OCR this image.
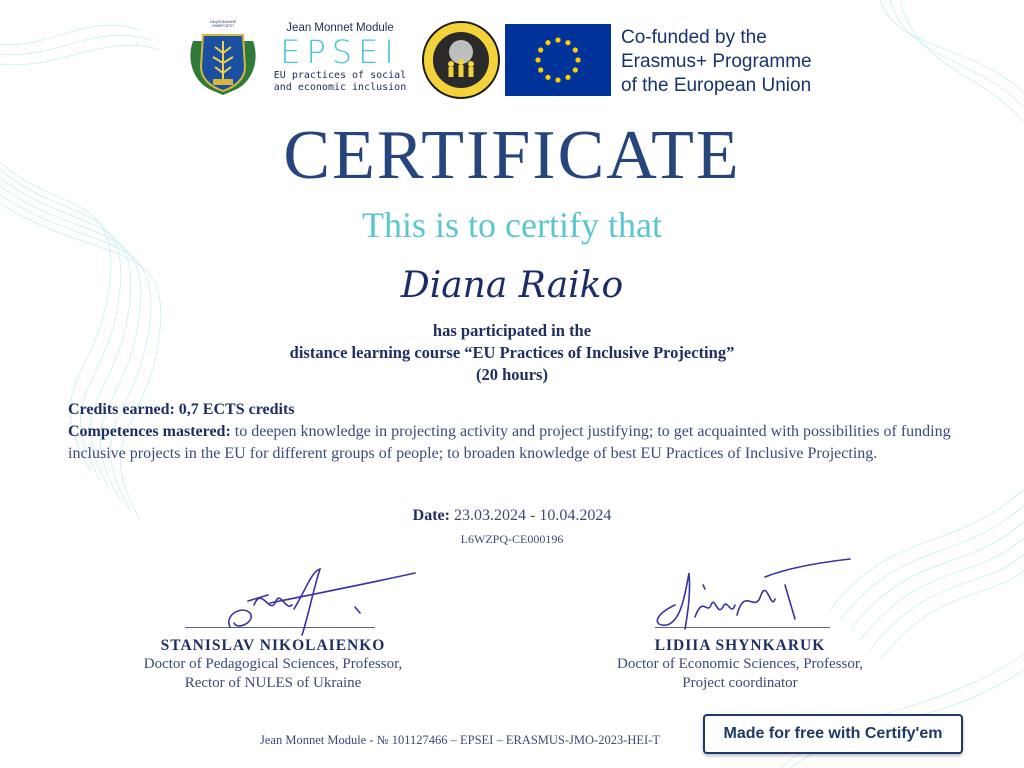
НАЦІОНАЛЬНИЙ
УНІВЕРСИТЕТ	Jean Monnet Module
EPSEI
EU practices of social
and economic inclusion
Co-funded by the
Erasmus+ Programme
of the European Union
CERTIFICATE
This is to certify that
Diana Raiko
has participated in the
distance learning course “EU Practices of Inclusive Projecting”
(20 hours)
Credits earned: 0,7 ECTS credits
Competences mastered: to deepen knowledge in projecting activity and project justifying; to get acquainted with possibilities of funding inclusive projects in the EU for different groups of people; to broaden knowledge of best EU Practices of Inclusive Projecting.
Date: 23.03.2024 - 10.04.2024
L6WZPQ-CE000196
STANISLAV NIKOLAIENKO
Doctor of Pedagogical Sciences, Professor,
Rector of NULES of Ukraine
LIDIIA SHYNKARUK
Doctor of Economic Sciences, Professor,
Project coordinator
Jean Monnet Module - № 101127466 – EPSEI – ERASMUS-JMO-2023-HEI-T	Made for free with Certify'em
